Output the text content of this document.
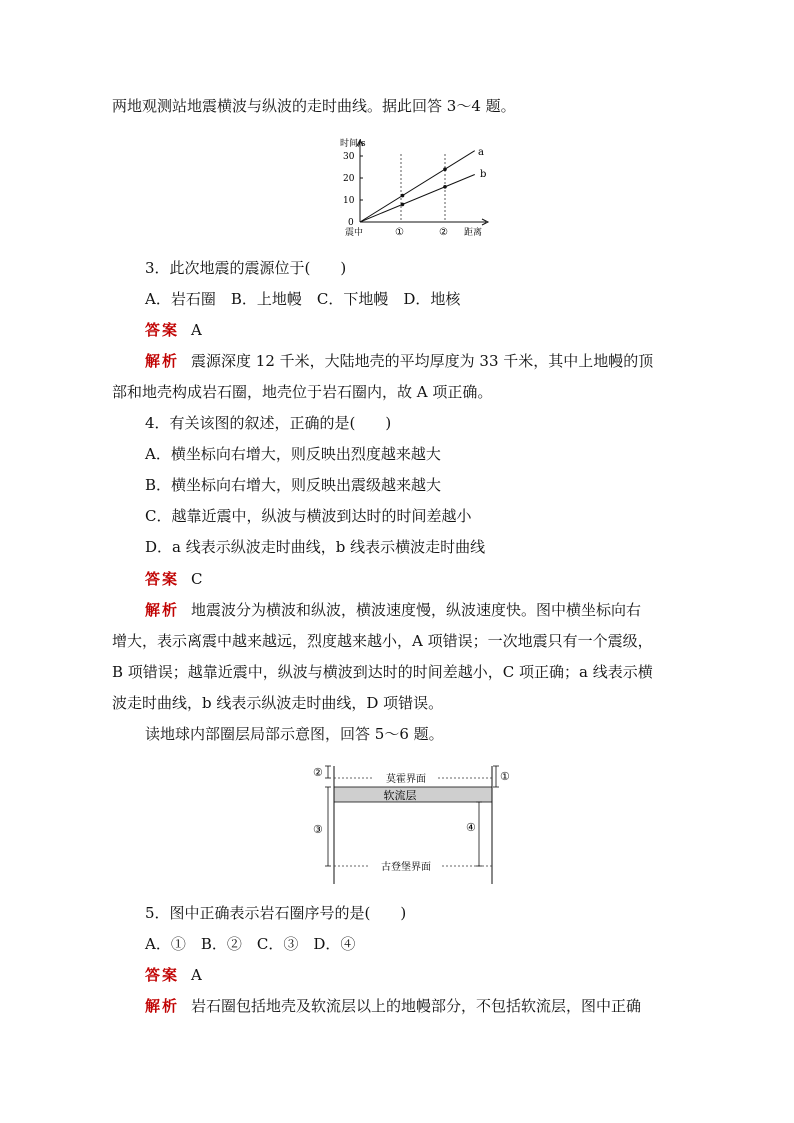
两地观测站地震横波与纵波的走时曲线。据此回答 3～4 题。
时间/s
30
20
10
0
震中	①	② 距离
a
b
3．此次地震的震源位于(　　)
A．岩石圈　B．上地幔　C．下地幔　D．地核
答案 A
解析 震源深度 12 千米，大陆地壳的平均厚度为 33 千米，其中上地幔的顶
部和地壳构成岩石圈，地壳位于岩石圈内，故 A 项正确。
4．有关该图的叙述，正确的是(　　)
A．横坐标向右增大，则反映出烈度越来越大
B．横坐标向右增大，则反映出震级越来越大
C．越靠近震中，纵波与横波到达时的时间差越小
D．a 线表示纵波走时曲线，b 线表示横波走时曲线
答案 C
解析 地震波分为横波和纵波，横波速度慢，纵波速度快。图中横坐标向右
增大，表示离震中越来越远，烈度越来越小，A 项错误；一次地震只有一个震级，
B 项错误；越靠近震中，纵波与横波到达时的时间差越小，C 项正确；a 线表示横
波走时曲线，b 线表示纵波走时曲线，D 项错误。
读地球内部圈层局部示意图，回答 5～6 题。
莫霍界面
软流层
古登堡界面
②
③
①
④
5．图中正确表示岩石圈序号的是(　　)
A．①　B．②　C．③　D．④
答案 A
解析 岩石圈包括地壳及软流层以上的地幔部分，不包括软流层，图中正确
